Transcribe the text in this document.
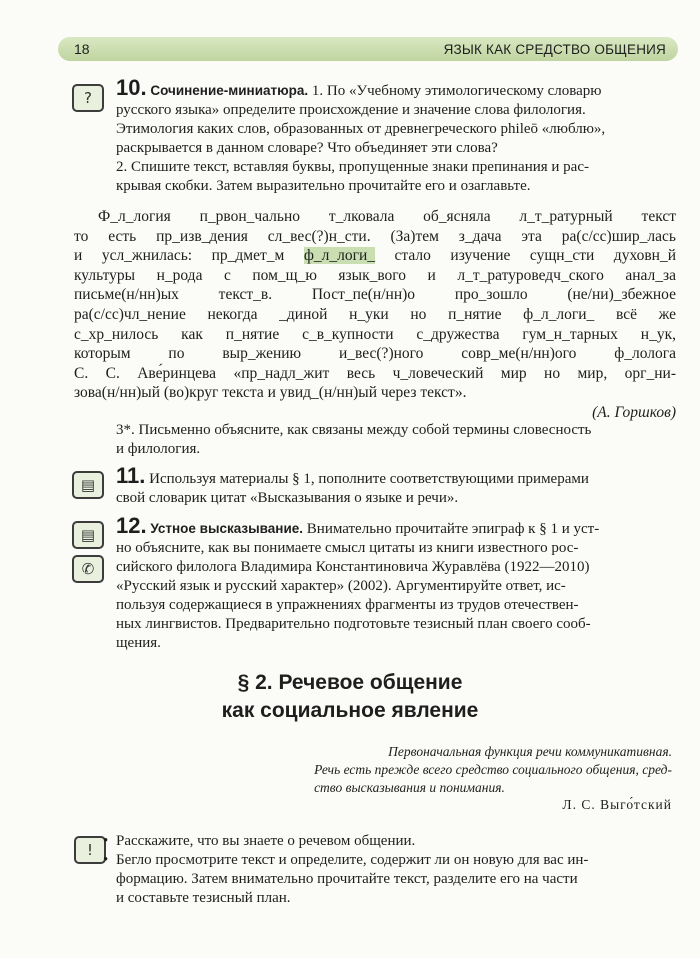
18	ЯЗЫК КАК СРЕДСТВО ОБЩЕНИЯ
?	10. Сочинение-миниатюра. 1. По «Учебному этимологическому словарю
русского языка» определите происхождение и значение слова филология.
Этимология каких слов, образованных от древнегреческого phileō «люблю»,
раскрывается в данном словаре? Что объединяет эти слова?
2. Спишите текст, вставляя буквы, пропущенные знаки препинания и рас-
крывая скобки. Затем выразительно прочитайте его и озаглавьте.
Ф_л_логия п_рвон_чально т_лковала об_ясняла л_т_ратурный текст
то есть пр_изв_дения сл_вес(?)н_сти. (За)тем з_дача эта ра(с/сс)шир_лась
и усл_жнилась: пр_дмет_м ф_л_логи_ стало изучение сущн_сти духовн_й
культуры н_рода с пом_щ_ю язык_вого и л_т_ратуроведч_ского анал_за
письме(н/нн)ых текст_в. Пост_пе(н/нн)о про_зошло (не/ни)_збежное
ра(с/сс)чл_нение некогда _диной н_уки но п_нятие ф_л_логи_ всё же
с_хр_нилось как п_нятие с_в_купности с_дружества гум_н_тарных н_ук,
которым по выр_жению и_вес(?)ного совр_ме(н/нн)ого ф_лолога
С. С. Аве́ринцева «пр_надл_жит весь ч_ловеческий мир но мир, орг_ни-
зова(н/нн)ый (во)круг текста и увид_(н/нн)ый через текст».
(А. Горшков)
3*. Письменно объясните, как связаны между собой термины словесность
и филология.
▤ 11. Используя материалы § 1, пополните соответствующими примерами
свой словарик цитат «Высказывания о языке и речи».
▤
✆
12. Устное высказывание. Внимательно прочитайте эпиграф к § 1 и уст-
но объясните, как вы понимаете смысл цитаты из книги известного рос-
сийского филолога Владимира Константиновича Журавлёва (1922—2010)
«Русский язык и русский характер» (2002). Аргументируйте ответ, ис-
пользуя содержащиеся в упражнениях фрагменты из трудов отечествен-
ных лингвистов. Предварительно подготовьте тезисный план своего сооб-
щения.
§ 2. Речевое общение
как социальное явление
Первоначальная функция речи коммуникативная.
Речь есть прежде всего средство социального общения, сред-
ство высказывания и понимания.
Л. С. Выго́тский
! • Расскажите, что вы знаете о речевом общении.
• Бегло просмотрите текст и определите, содержит ли он новую для вас ин-
формацию. Затем внимательно прочитайте текст, разделите его на части
и составьте тезисный план.
